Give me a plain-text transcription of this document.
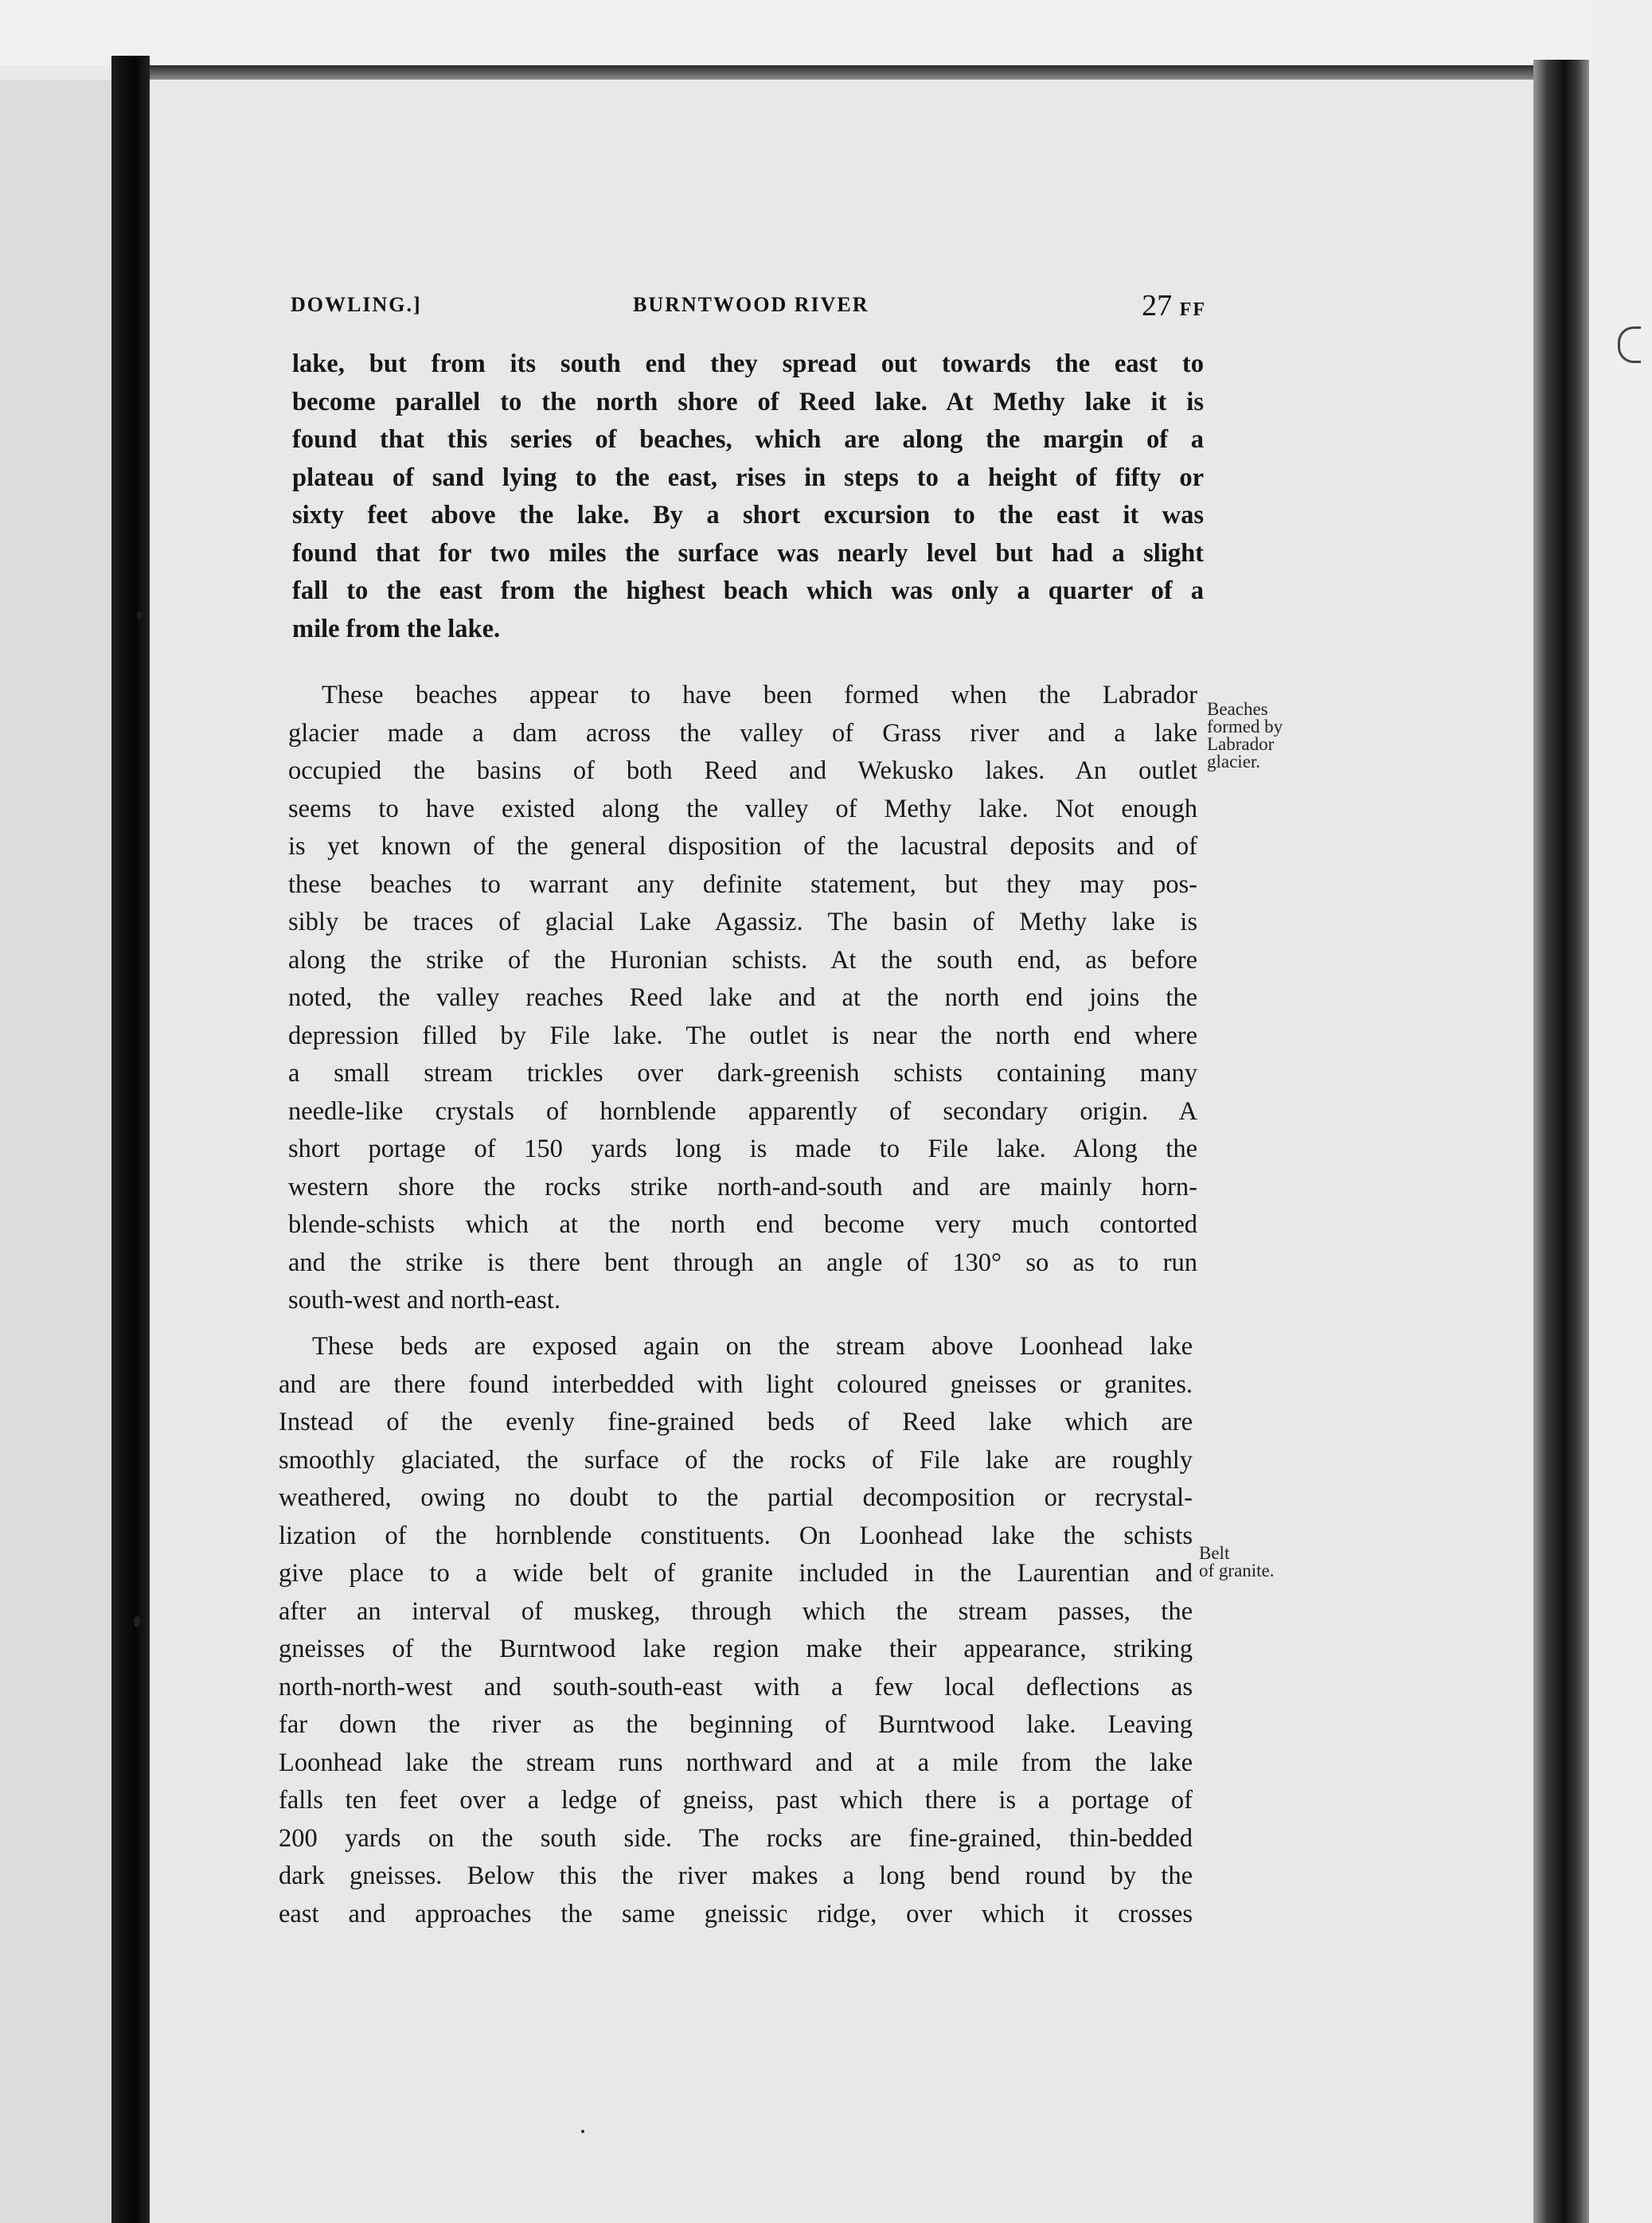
DOWLING.]	BURNTWOOD RIVER	27 FF
lake, but from its south end they spread out towards the east to
become parallel to the north shore of Reed lake. At Methy lake it is
found that this series of beaches, which are along the margin of a
plateau of sand lying to the east, rises in steps to a height of fifty or
sixty feet above the lake. By a short excursion to the east it was
found that for two miles the surface was nearly level but had a slight
fall to the east from the highest beach which was only a quarter of a
mile from the lake.
These beaches appear to have been formed when the Labrador
glacier made a dam across the valley of Grass river and a lake
occupied the basins of both Reed and Wekusko lakes. An outlet
seems to have existed along the valley of Methy lake. Not enough
is yet known of the general disposition of the lacustral deposits and of
these beaches to warrant any definite statement, but they may pos-
sibly be traces of glacial Lake Agassiz. The basin of Methy lake is
along the strike of the Huronian schists. At the south end, as before
noted, the valley reaches Reed lake and at the north end joins the
depression filled by File lake. The outlet is near the north end where
a small stream trickles over dark-greenish schists containing many
needle-like crystals of hornblende apparently of secondary origin. A
short portage of 150 yards long is made to File lake. Along the
western shore the rocks strike north-and-south and are mainly horn-
blende-schists which at the north end become very much contorted
and the strike is there bent through an angle of 130° so as to run
south-west and north-east.
These beds are exposed again on the stream above Loonhead lake
and are there found interbedded with light coloured gneisses or granites.
Instead of the evenly fine-grained beds of Reed lake which are
smoothly glaciated, the surface of the rocks of File lake are roughly
weathered, owing no doubt to the partial decomposition or recrystal-
lization of the hornblende constituents. On Loonhead lake the schists
give place to a wide belt of granite included in the Laurentian and
after an interval of muskeg, through which the stream passes, the
gneisses of the Burntwood lake region make their appearance, striking
north-north-west and south-south-east with a few local deflections as
far down the river as the beginning of Burntwood lake. Leaving
Loonhead lake the stream runs northward and at a mile from the lake
falls ten feet over a ledge of gneiss, past which there is a portage of
200 yards on the south side. The rocks are fine-grained, thin-bedded
dark gneisses. Below this the river makes a long bend round by the
east and approaches the same gneissic ridge, over which it crosses
Beaches
formed by
Labrador
glacier.
Belt
of granite.
